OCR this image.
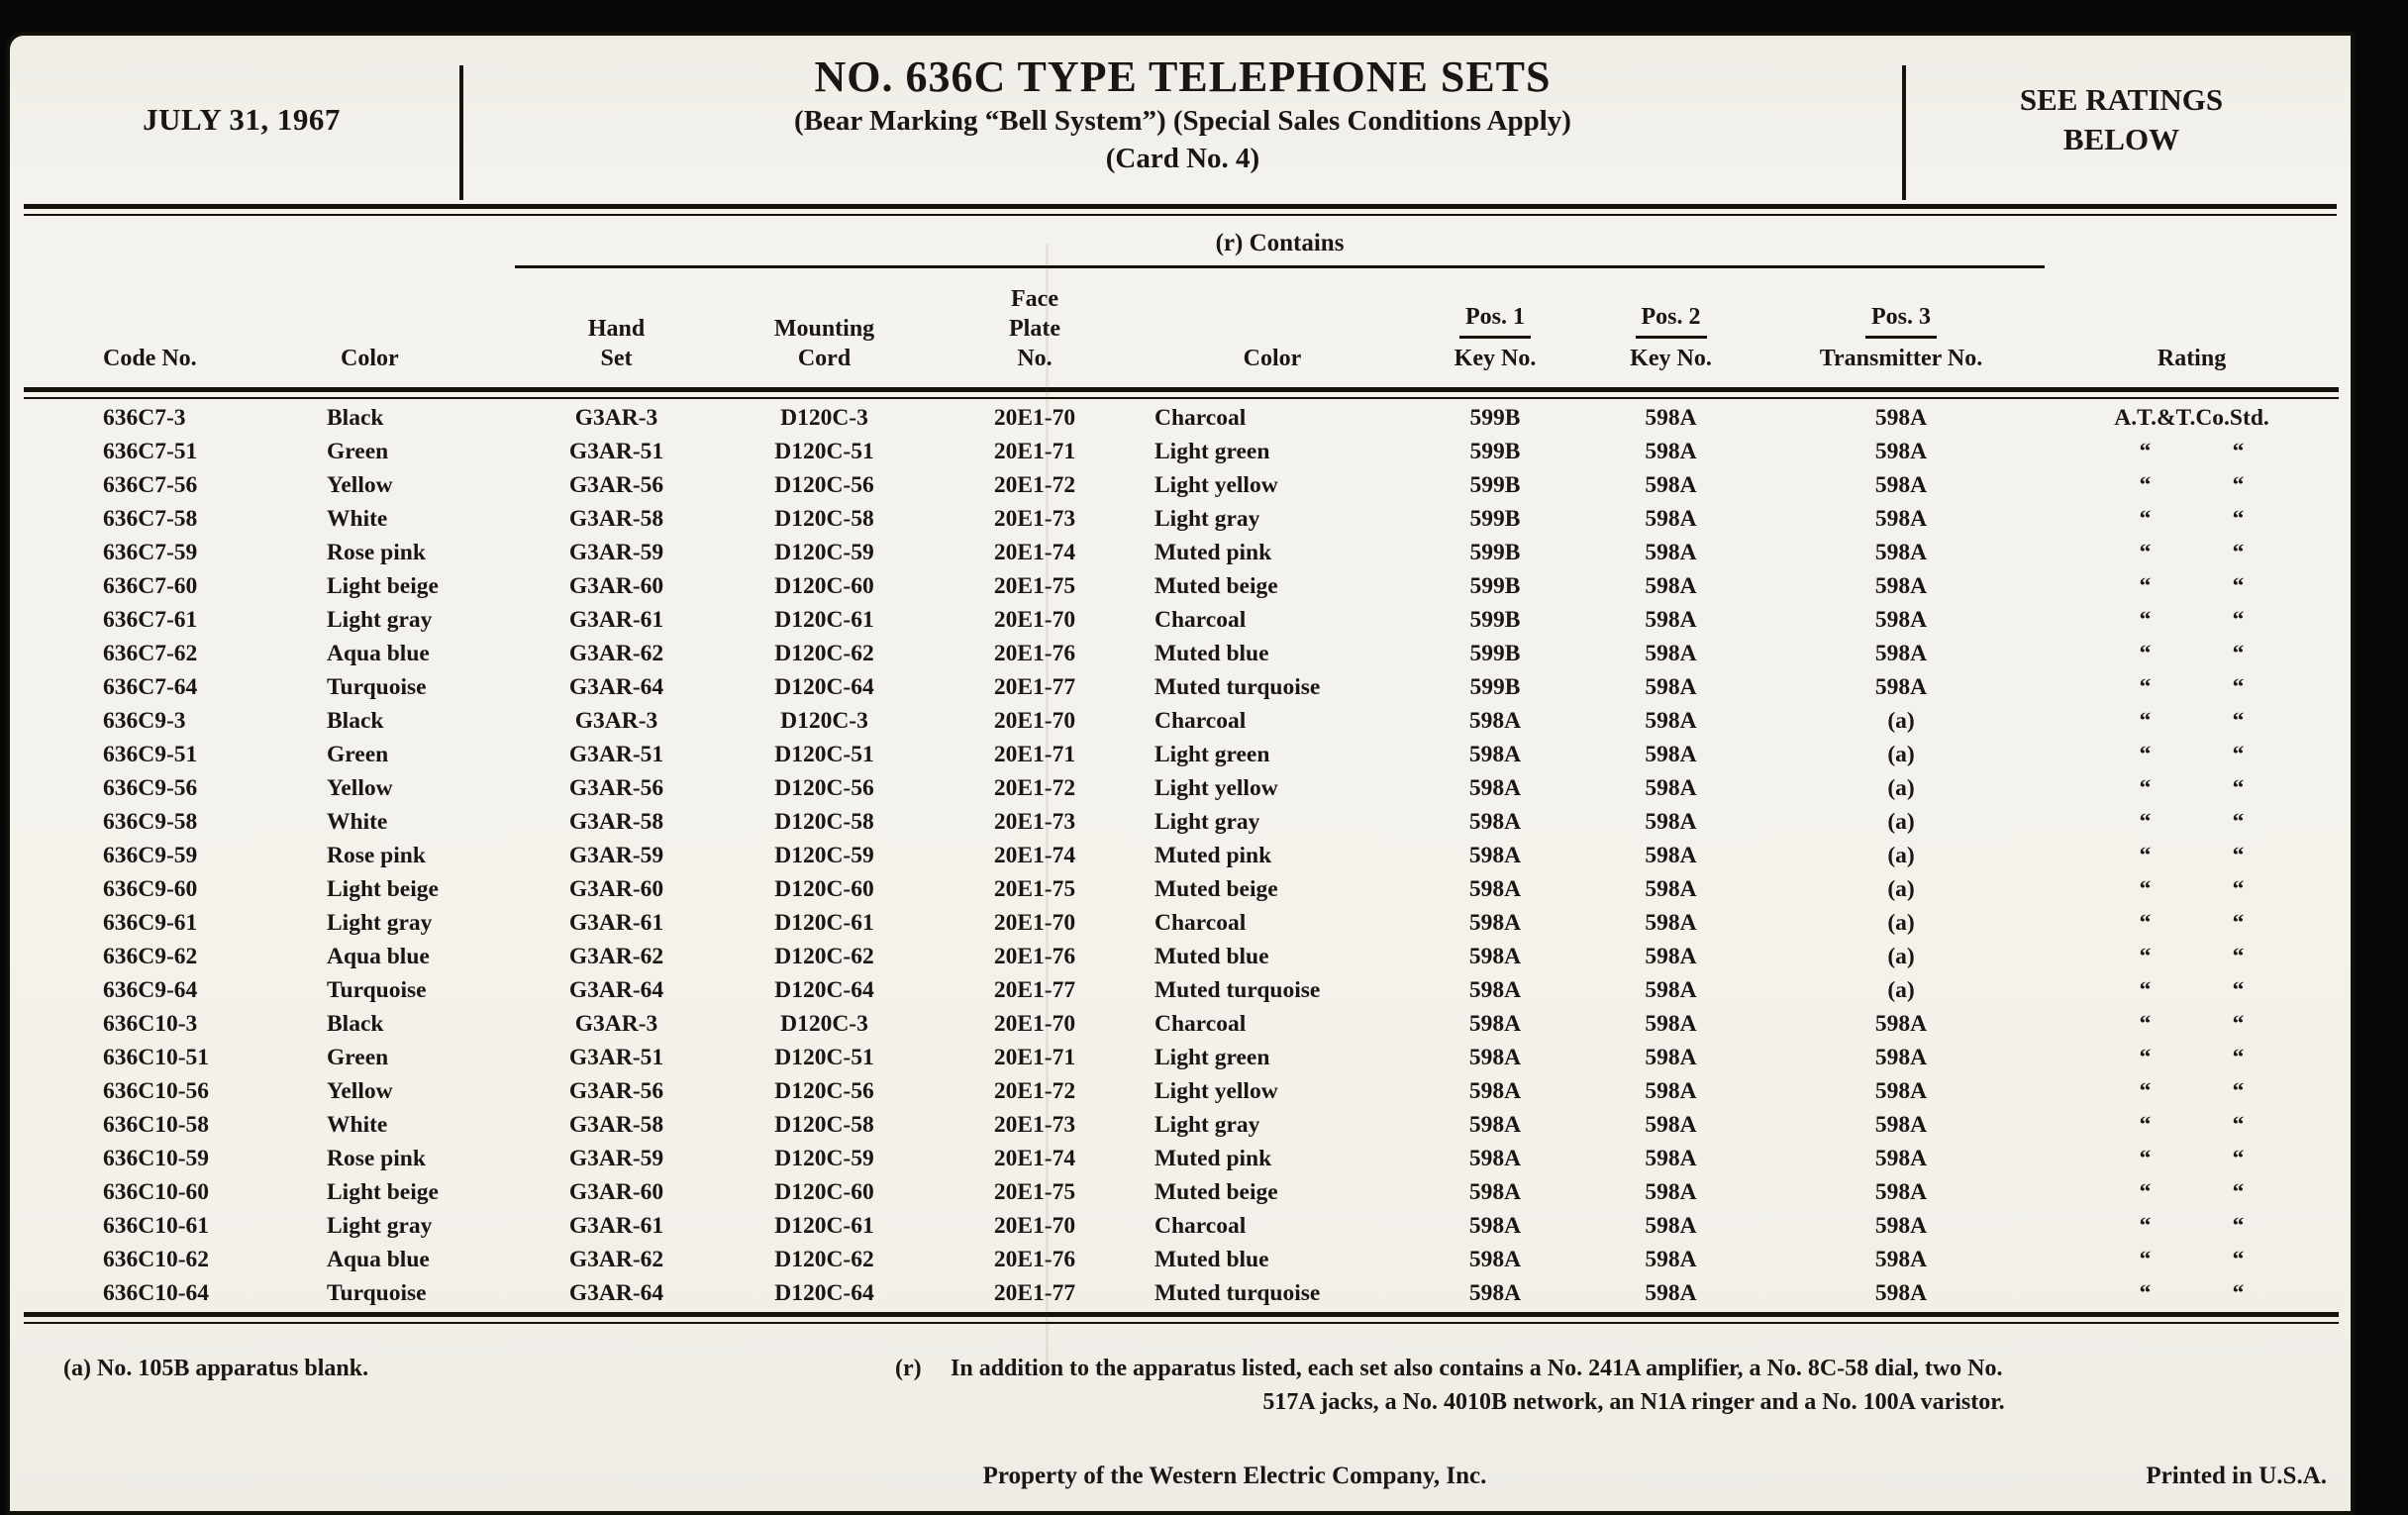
JULY 31, 1967
NO. 636C TYPE TELEPHONE SETS
(Bear Marking “Bell System”) (Special Sales Conditions Apply)
(Card No. 4)
SEE RATINGS
BELOW
		(r) Contains							

Code No.	Color

Hand
Set

Mounting
Cord

Face
Plate
No.	Color

Pos. 1
Key No.

Pos. 2
Key No.

Pos. 3
Transmitter No.	Rating

636C7-3	Black	G3AR-3	D120C-3	20E1-70	Charcoal	599B	598A	598A	A.T.&T.Co.Std.
636C7-51	Green	G3AR-51	D120C-51	20E1-71	Light green	599B	598A	598A	“              “
636C7-56	Yellow	G3AR-56	D120C-56	20E1-72	Light yellow	599B	598A	598A	“              “
636C7-58	White	G3AR-58	D120C-58	20E1-73	Light gray	599B	598A	598A	“              “
636C7-59	Rose pink	G3AR-59	D120C-59	20E1-74	Muted pink	599B	598A	598A	“              “
636C7-60	Light beige	G3AR-60	D120C-60	20E1-75	Muted beige	599B	598A	598A	“              “
636C7-61	Light gray	G3AR-61	D120C-61	20E1-70	Charcoal	599B	598A	598A	“              “
636C7-62	Aqua blue	G3AR-62	D120C-62	20E1-76	Muted blue	599B	598A	598A	“              “
636C7-64	Turquoise	G3AR-64	D120C-64	20E1-77	Muted turquoise	599B	598A	598A	“              “
636C9-3	Black	G3AR-3	D120C-3	20E1-70	Charcoal	598A	598A	(a)	“              “
636C9-51	Green	G3AR-51	D120C-51	20E1-71	Light green	598A	598A	(a)	“              “
636C9-56	Yellow	G3AR-56	D120C-56	20E1-72	Light yellow	598A	598A	(a)	“              “
636C9-58	White	G3AR-58	D120C-58	20E1-73	Light gray	598A	598A	(a)	“              “
636C9-59	Rose pink	G3AR-59	D120C-59	20E1-74	Muted pink	598A	598A	(a)	“              “
636C9-60	Light beige	G3AR-60	D120C-60	20E1-75	Muted beige	598A	598A	(a)	“              “
636C9-61	Light gray	G3AR-61	D120C-61	20E1-70	Charcoal	598A	598A	(a)	“              “
636C9-62	Aqua blue	G3AR-62	D120C-62	20E1-76	Muted blue	598A	598A	(a)	“              “
636C9-64	Turquoise	G3AR-64	D120C-64	20E1-77	Muted turquoise	598A	598A	(a)	“              “
636C10-3	Black	G3AR-3	D120C-3	20E1-70	Charcoal	598A	598A	598A	“              “
636C10-51	Green	G3AR-51	D120C-51	20E1-71	Light green	598A	598A	598A	“              “
636C10-56	Yellow	G3AR-56	D120C-56	20E1-72	Light yellow	598A	598A	598A	“              “
636C10-58	White	G3AR-58	D120C-58	20E1-73	Light gray	598A	598A	598A	“              “
636C10-59	Rose pink	G3AR-59	D120C-59	20E1-74	Muted pink	598A	598A	598A	“              “
636C10-60	Light beige	G3AR-60	D120C-60	20E1-75	Muted beige	598A	598A	598A	“              “
636C10-61	Light gray	G3AR-61	D120C-61	20E1-70	Charcoal	598A	598A	598A	“              “
636C10-62	Aqua blue	G3AR-62	D120C-62	20E1-76	Muted blue	598A	598A	598A	“              “
636C10-64	Turquoise	G3AR-64	D120C-64	20E1-77	Muted turquoise	598A	598A	598A	“              “

(a) No. 105B apparatus blank.	(r)	In addition to the apparatus listed, each set also contains a No. 241A amplifier, a No. 8C-58 dial, two No.
517A jacks, a No. 4010B network, an N1A ringer and a No. 100A varistor.
Property of the Western Electric Company, Inc.	Printed in U.S.A.
